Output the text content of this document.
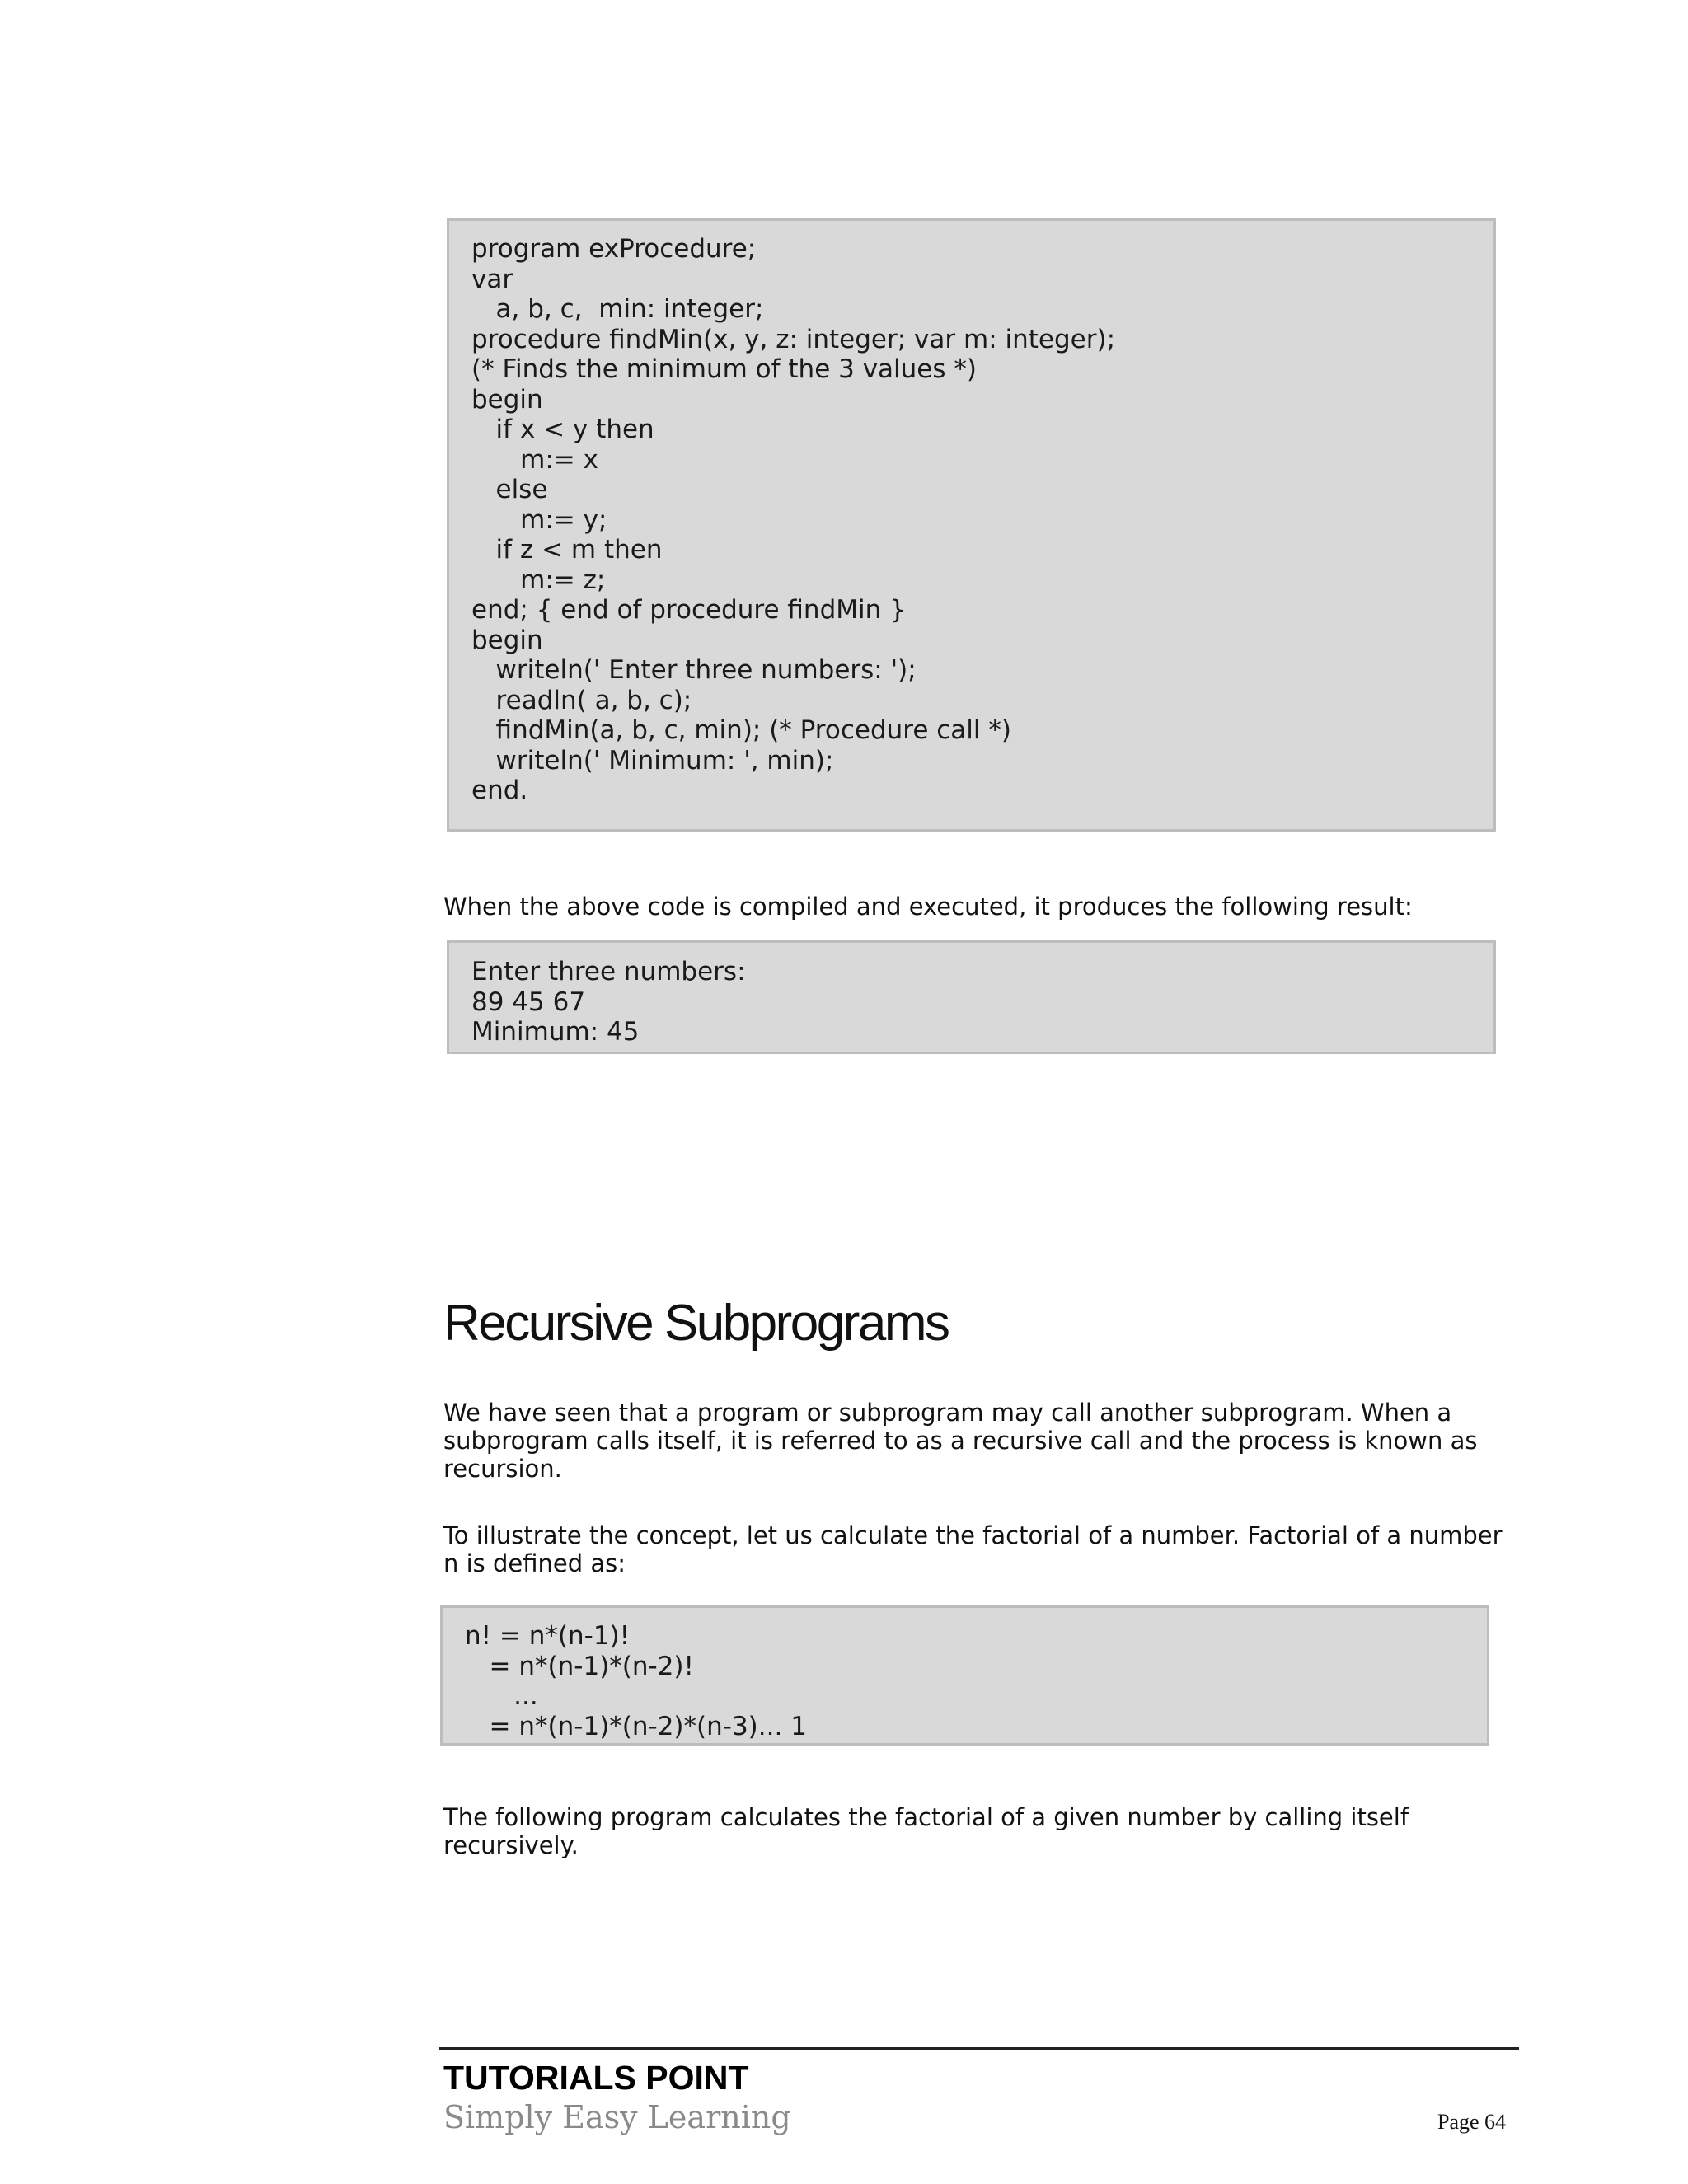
program exProcedure;
var
a, b, c,  min: integer;
procedure findMin(x, y, z: integer; var m: integer);
(* Finds the minimum of the 3 values *)
begin
if x < y then
m:= x
else
m:= y;
if z < m then
m:= z;
end; { end of procedure findMin }
begin
writeln(' Enter three numbers: ');
readln( a, b, c);
findMin(a, b, c, min); (* Procedure call *)
writeln(' Minimum: ', min);
end.
When the above code is compiled and executed, it produces the following result:
Enter three numbers:
89 45 67
Minimum: 45
Recursive Subprograms
We have seen that a program or subprogram may call another subprogram. When a subprogram calls itself, it is referred to as a recursive call and the process is known as recursion.
To illustrate the concept, let us calculate the factorial of a number. Factorial of a number n is defined as:
n! = n*(n-1)!
= n*(n-1)*(n-2)!
...
= n*(n-1)*(n-2)*(n-3)... 1
The following program calculates the factorial of a given number by calling itself recursively.
TUTORIALS POINT
Simply Easy Learning	Page 64
